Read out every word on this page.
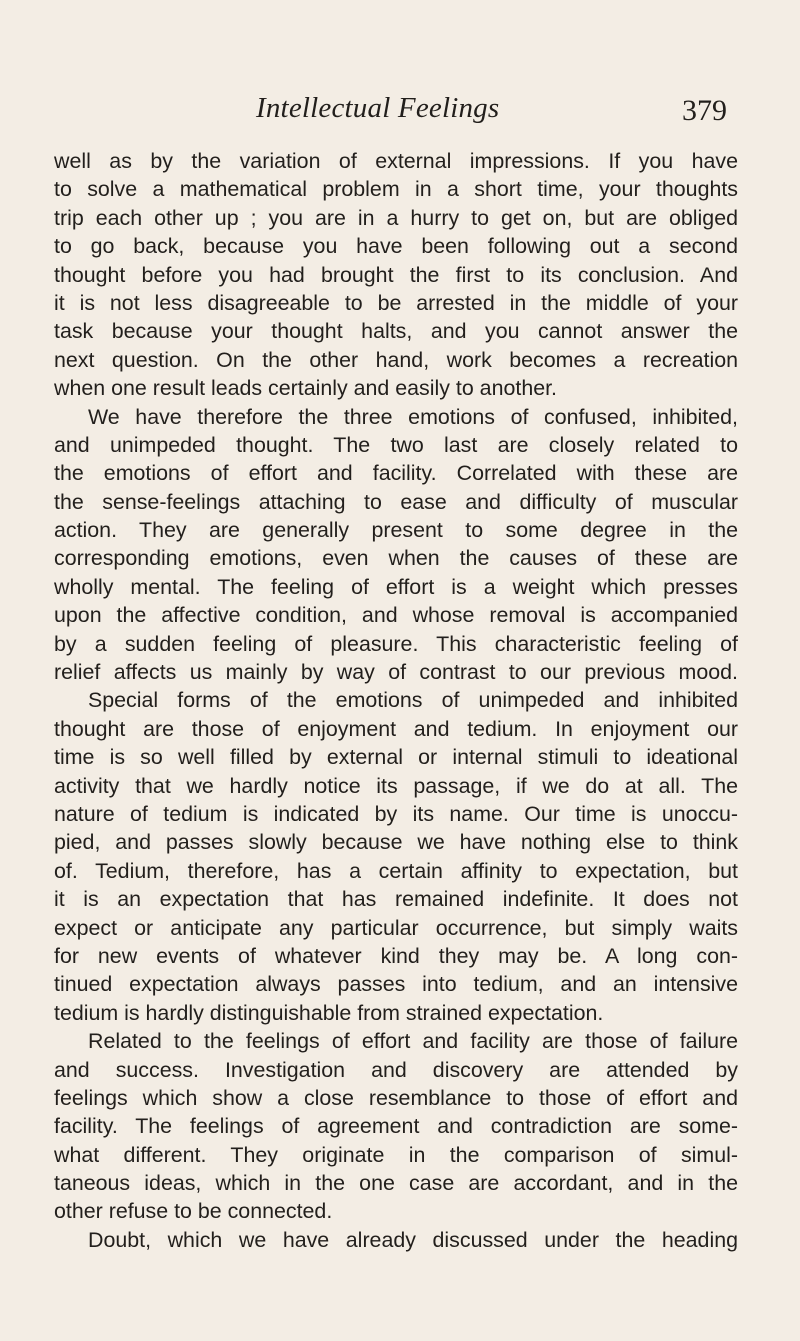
Intellectual Feelings	379
well as by the variation of external impressions. If you have
to solve a mathematical problem in a short time, your thoughts
trip each other up ; you are in a hurry to get on, but are obliged
to go back, because you have been following out a second
thought before you had brought the first to its conclusion. And
it is not less disagreeable to be arrested in the middle of your
task because your thought halts, and you cannot answer the
next question. On the other hand, work becomes a recreation
when one result leads certainly and easily to another.
We have therefore the three emotions of confused, inhibited,
and unimpeded thought. The two last are closely related to
the emotions of effort and facility. Correlated with these are
the sense-feelings attaching to ease and difficulty of muscular
action. They are generally present to some degree in the
corresponding emotions, even when the causes of these are
wholly mental. The feeling of effort is a weight which presses
upon the affective condition, and whose removal is accompanied
by a sudden feeling of pleasure. This characteristic feeling of
relief affects us mainly by way of contrast to our previous mood.
Special forms of the emotions of unimpeded and inhibited
thought are those of enjoyment and tedium. In enjoyment our
time is so well filled by external or internal stimuli to ideational
activity that we hardly notice its passage, if we do at all. The
nature of tedium is indicated by its name. Our time is unoccu-
pied, and passes slowly because we have nothing else to think
of. Tedium, therefore, has a certain affinity to expectation, but
it is an expectation that has remained indefinite. It does not
expect or anticipate any particular occurrence, but simply waits
for new events of whatever kind they may be. A long con-
tinued expectation always passes into tedium, and an intensive
tedium is hardly distinguishable from strained expectation.
Related to the feelings of effort and facility are those of failure
and success. Investigation and discovery are attended by
feelings which show a close resemblance to those of effort and
facility. The feelings of agreement and contradiction are some-
what different. They originate in the comparison of simul-
taneous ideas, which in the one case are accordant, and in the
other refuse to be connected.
Doubt, which we have already discussed under the heading
